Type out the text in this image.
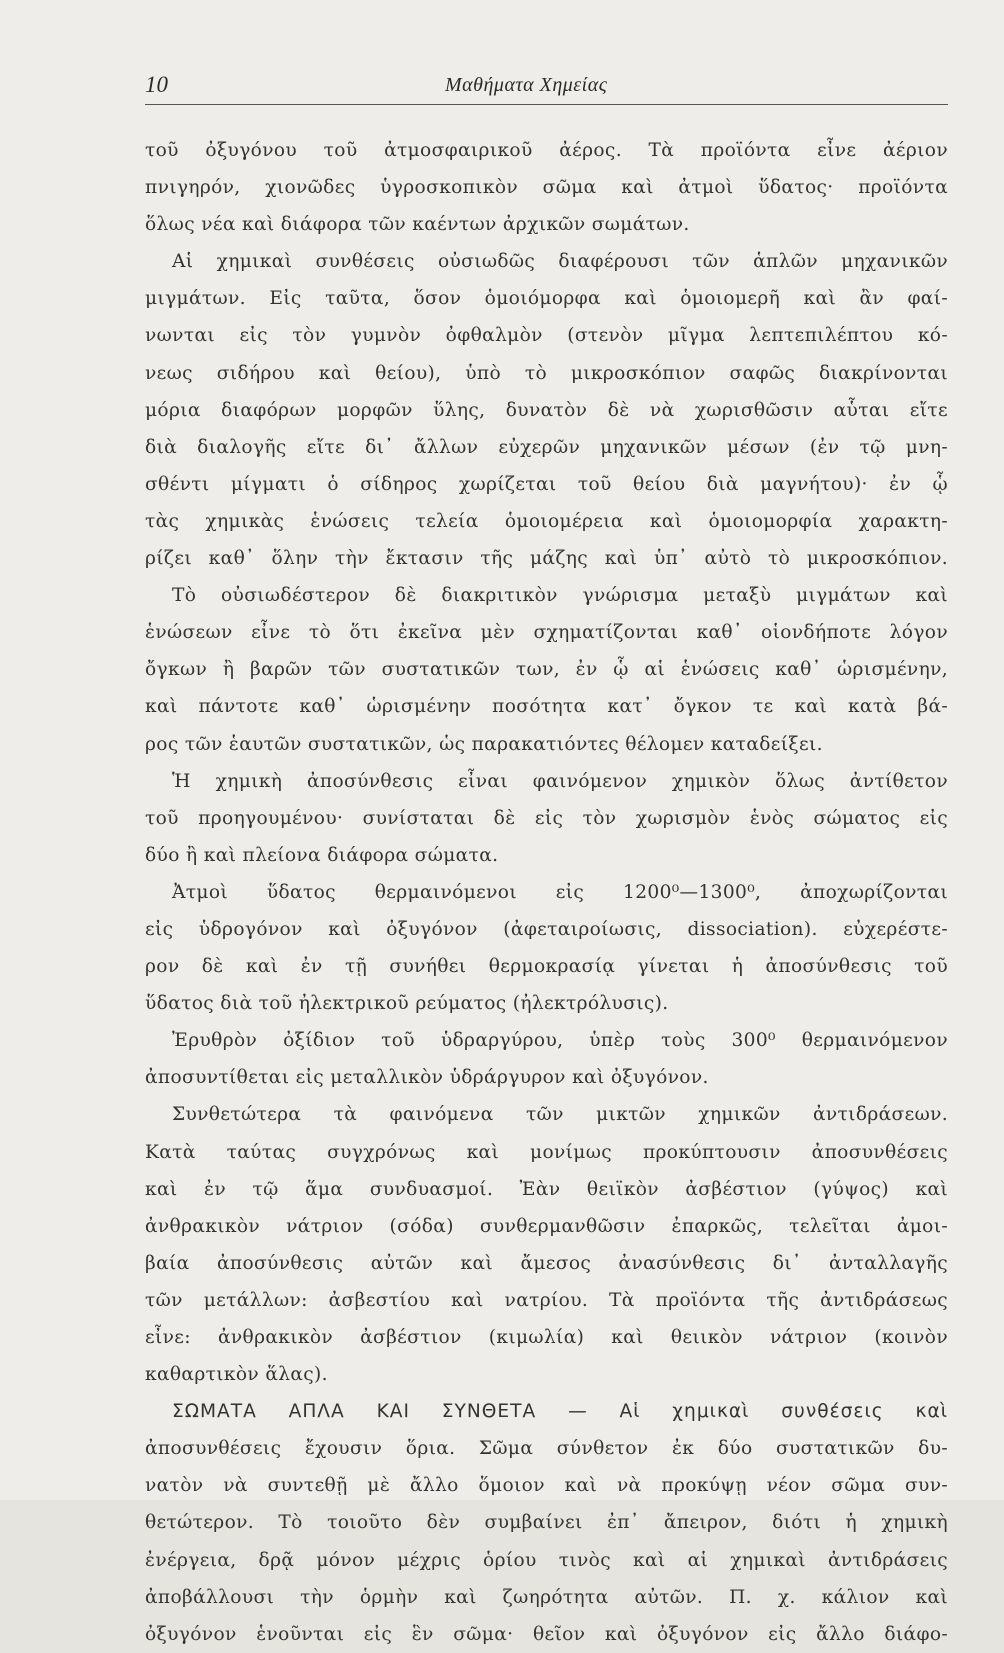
10	Μαθήματα Χημείας
τοῦ ὀξυγόνου τοῦ ἀτμοσφαιρικοῦ ἀέρος. Τὰ προϊόντα εἶνε ἀέριον
πνιγηρόν, χιονῶδες ὑγροσκοπικὸν σῶμα καὶ ἀτμοὶ ὕδατος· προϊόντα
ὅλως νέα καὶ διάφορα τῶν καέντων ἀρχικῶν σωμάτων.
Αἱ χημικαὶ συνθέσεις οὐσιωδῶς διαφέρουσι τῶν ἁπλῶν μηχανικῶν
μιγμάτων. Εἰς ταῦτα, ὅσον ὁμοιόμορφα καὶ ὁμοιομερῆ καὶ ἂν φαί-
νωνται εἰς τὸν γυμνὸν ὀφθαλμὸν (στενὸν μῖγμα λεπτεπιλέπτου κό-
νεως σιδήρου καὶ θείου), ὑπὸ τὸ μικροσκόπιον σαφῶς διακρίνονται
μόρια διαφόρων μορφῶν ὕλης, δυνατὸν δὲ νὰ χωρισθῶσιν αὗται εἴτε
διὰ διαλογῆς εἴτε δι᾽ ἄλλων εὐχερῶν μηχανικῶν μέσων (ἐν τῷ μνη-
σθέντι μίγματι ὁ σίδηρος χωρίζεται τοῦ θείου διὰ μαγνήτου)· ἐν ᾧ
τὰς χημικὰς ἑνώσεις τελεία ὁμοιομέρεια καὶ ὁμοιομορφία χαρακτη-
ρίζει καθ᾽ ὅλην τὴν ἔκτασιν τῆς μάζης καὶ ὑπ᾽ αὐτὸ τὸ μικροσκόπιον.
Τὸ οὐσιωδέστερον δὲ διακριτικὸν γνώρισμα μεταξὺ μιγμάτων καὶ
ἑνώσεων εἶνε τὸ ὅτι ἐκεῖνα μὲν σχηματίζονται καθ᾽ οἱονδήποτε λόγον
ὄγκων ἢ βαρῶν τῶν συστατικῶν των, ἐν ᾧ αἱ ἑνώσεις καθ᾽ ὡρισμένην,
καὶ πάντοτε καθ᾽ ὡρισμένην ποσότητα κατ᾽ ὄγκον τε καὶ κατὰ βά-
ρος τῶν ἑαυτῶν συστατικῶν, ὡς παρακατιόντες θέλομεν καταδείξει.
Ἡ χημικὴ ἀποσύνθεσις εἶναι φαινόμενον χημικὸν ὅλως ἀντίθετον
τοῦ προηγουμένου· συνίσταται δὲ εἰς τὸν χωρισμὸν ἑνὸς σώματος εἰς
δύο ἢ καὶ πλείονα διάφορα σώματα.
Ἀτμοὶ ὕδατος θερμαινόμενοι εἰς 1200⁰—1300⁰, ἀποχωρίζονται
εἰς ὑδρογόνον καὶ ὀξυγόνον (ἀφεταιροίωσις, dissociation). εὐχερέστε-
ρον δὲ καὶ ἐν τῇ συνήθει θερμοκρασίᾳ γίνεται ἡ ἀποσύνθεσις τοῦ
ὕδατος διὰ τοῦ ἠλεκτρικοῦ ρεύματος (ἠλεκτρόλυσις).
Ἐρυθρὸν ὀξίδιον τοῦ ὑδραργύρου, ὑπὲρ τοὺς 300⁰ θερμαινόμενον
ἀποσυντίθεται εἰς μεταλλικὸν ὑδράργυρον καὶ ὀξυγόνον.
Συνθετώτερα τὰ φαινόμενα τῶν μικτῶν χημικῶν ἀντιδράσεων.
Κατὰ ταύτας συγχρόνως καὶ μονίμως προκύπτουσιν ἀποσυνθέσεις
καὶ ἐν τῷ ἅμα συνδυασμοί. Ἐὰν θειϊκὸν ἀσβέστιον (γύψος) καὶ
ἀνθρακικὸν νάτριον (σόδα) συνθερμανθῶσιν ἐπαρκῶς, τελεῖται ἀμοι-
βαία ἀποσύνθεσις αὐτῶν καὶ ἄμεσος ἀνασύνθεσις δι᾽ ἀνταλλαγῆς
τῶν μετάλλων: ἀσβεστίου καὶ νατρίου. Τὰ προϊόντα τῆς ἀντιδράσεως
εἶνε: ἀνθρακικὸν ἀσβέστιον (κιμωλία) καὶ θειικὸν νάτριον (κοινὸν
καθαρτικὸν ἅλας).
ΣΩΜΑΤΑ ΑΠΛΑ ΚΑΙ ΣΥΝΘΕΤΑ — Αἱ χημικαὶ συνθέσεις καὶ
ἀποσυνθέσεις ἔχουσιν ὅρια. Σῶμα σύνθετον ἐκ δύο συστατικῶν δυ-
νατὸν νὰ συντεθῇ μὲ ἄλλο ὅμοιον καὶ νὰ προκύψῃ νέον σῶμα συν-
θετώτερον. Τὸ τοιοῦτο δὲν συμβαίνει ἐπ᾽ ἄπειρον, διότι ἡ χημικὴ
ἐνέργεια, δρᾷ μόνον μέχρις ὁρίου τινὸς καὶ αἱ χημικαὶ ἀντιδράσεις
ἀποβάλλουσι τὴν ὁρμὴν καὶ ζωηρότητα αὐτῶν. Π. χ. κάλιον καὶ
ὀξυγόνον ἑνοῦνται εἰς ἓν σῶμα· θεῖον καὶ ὀξυγόνον εἰς ἄλλο διάφο-
